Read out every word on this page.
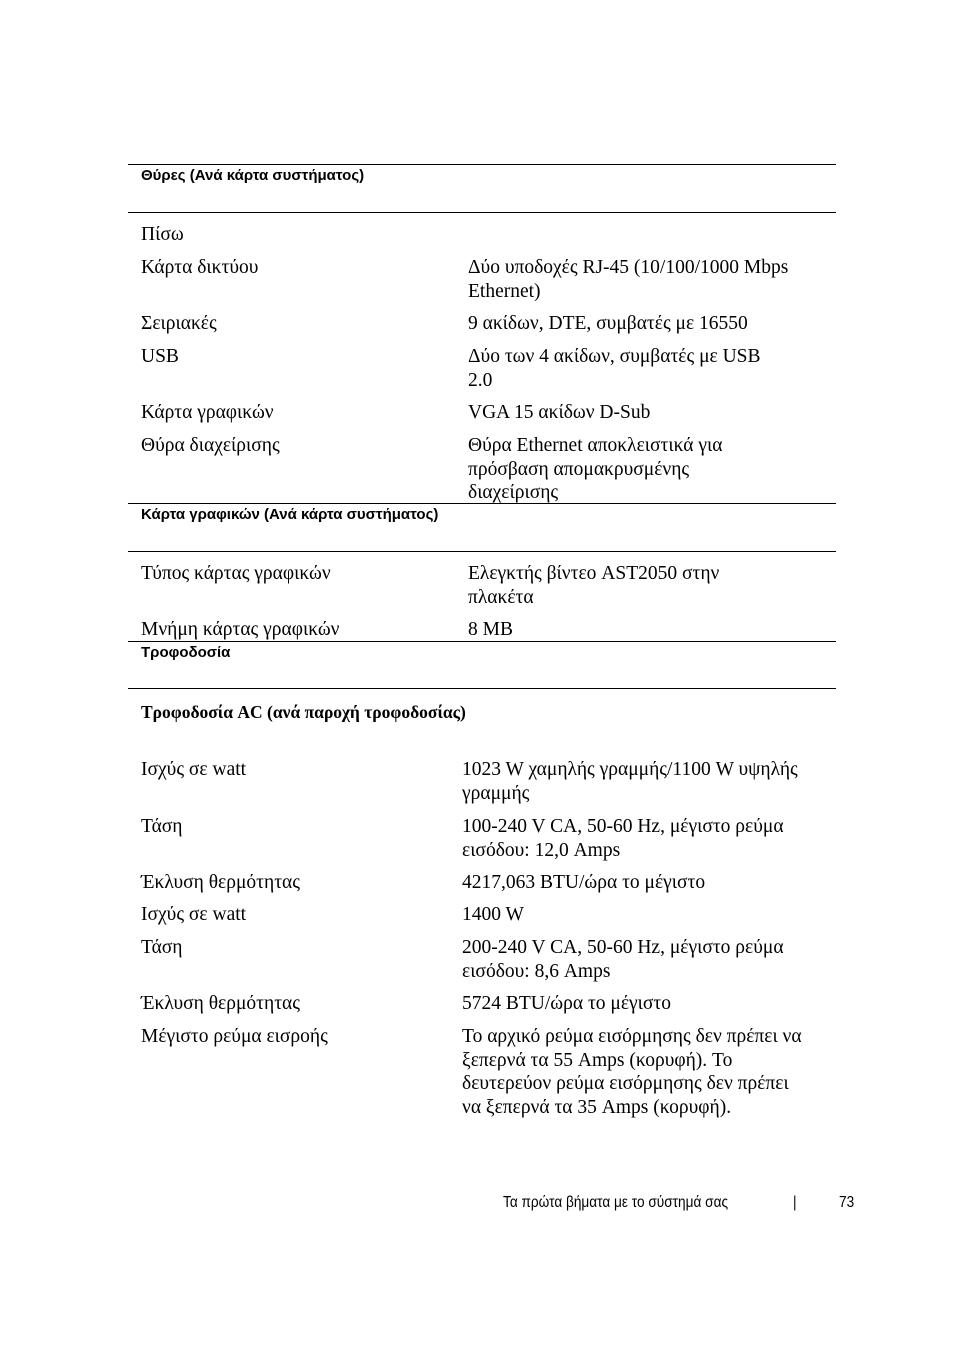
Θύρες (Ανά κάρτα συστήματος)
Πίσω
Κάρτα δικτύου	Δύο υποδοχές RJ-45 (10/100/1000 Mbps Ethernet)
Σειριακές	9 ακίδων, DTE, συμβατές με 16550
USB	Δύο των 4 ακίδων, συμβατές με USB 2.0
Κάρτα γραφικών	VGA 15 ακίδων D-Sub
Θύρα διαχείρισης	Θύρα Ethernet αποκλειστικά για πρόσβαση απομακρυσμένης διαχείρισης
Κάρτα γραφικών (Ανά κάρτα συστήματος)
Τύπος κάρτας γραφικών	Ελεγκτής βίντεο AST2050 στην πλακέτα
Μνήμη κάρτας γραφικών	8 MB
Τροφοδοσία
Τροφοδοσία AC (ανά παροχή τροφοδοσίας)
Ισχύς σε watt	1023 W χαμηλής γραμμής/1100 W υψηλής γραμμής
Τάση	100-240 V CA, 50-60 Hz, μέγιστο ρεύμα εισόδου: 12,0 Amps
Έκλυση θερμότητας	4217,063 BTU/ώρα το μέγιστο
Ισχύς σε watt	1400 W
Τάση	200-240 V CA, 50-60 Hz, μέγιστο ρεύμα εισόδου: 8,6 Amps
Έκλυση θερμότητας	5724 BTU/ώρα το μέγιστο
Μέγιστο ρεύμα εισροής	Το αρχικό ρεύμα εισόρμησης δεν πρέπει να ξεπερνά τα 55 Amps (κορυφή). Το δευτερεύον ρεύμα εισόρμησης δεν πρέπει να ξεπερνά τα 35 Amps (κορυφή).
Τα πρώτα βήματα με το σύστημά σας	|	73
